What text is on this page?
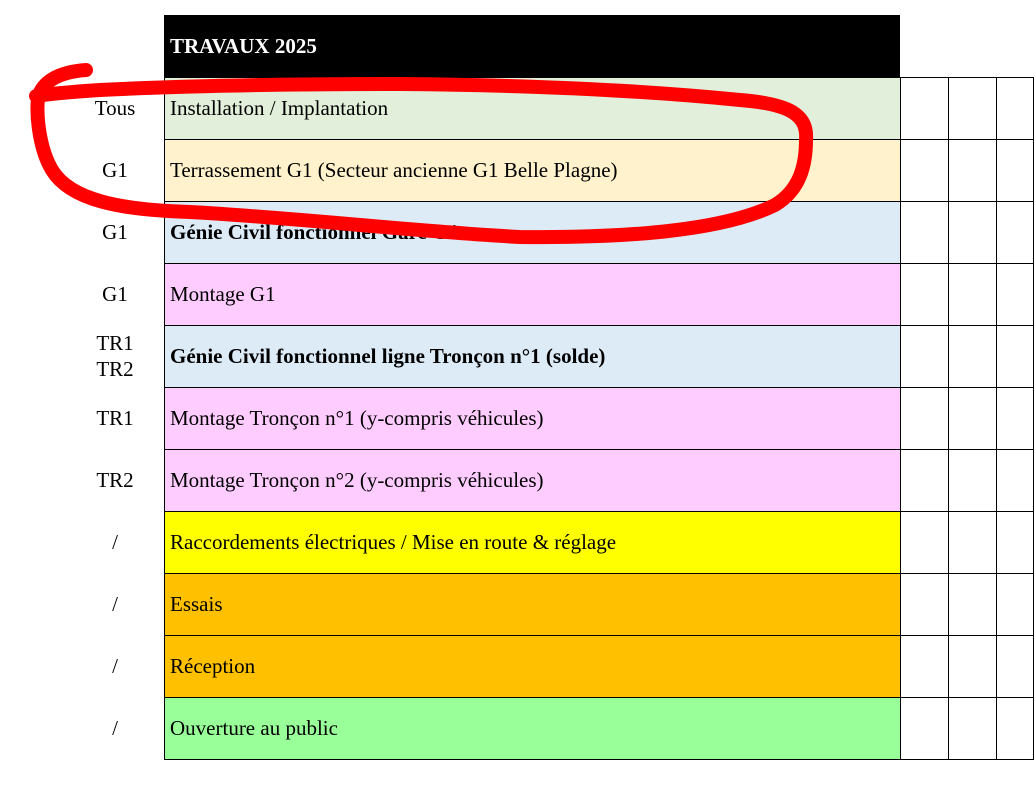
TRAVAUX 2025
Tous Installation / Implantation
G1 Terrassement G1 (Secteur ancienne G1 Belle Plagne)
G1 Génie Civil fonctionnel Gare G1
G1 Montage G1
TR1
TR2
Génie Civil fonctionnel ligne Tronçon n°1 (solde)
TR1 Montage Tronçon n°1 (y-compris véhicules)
TR2 Montage Tronçon n°2 (y-compris véhicules)
/ Raccordements électriques / Mise en route & réglage
/ Essais
/ Réception
/ Ouverture au public
